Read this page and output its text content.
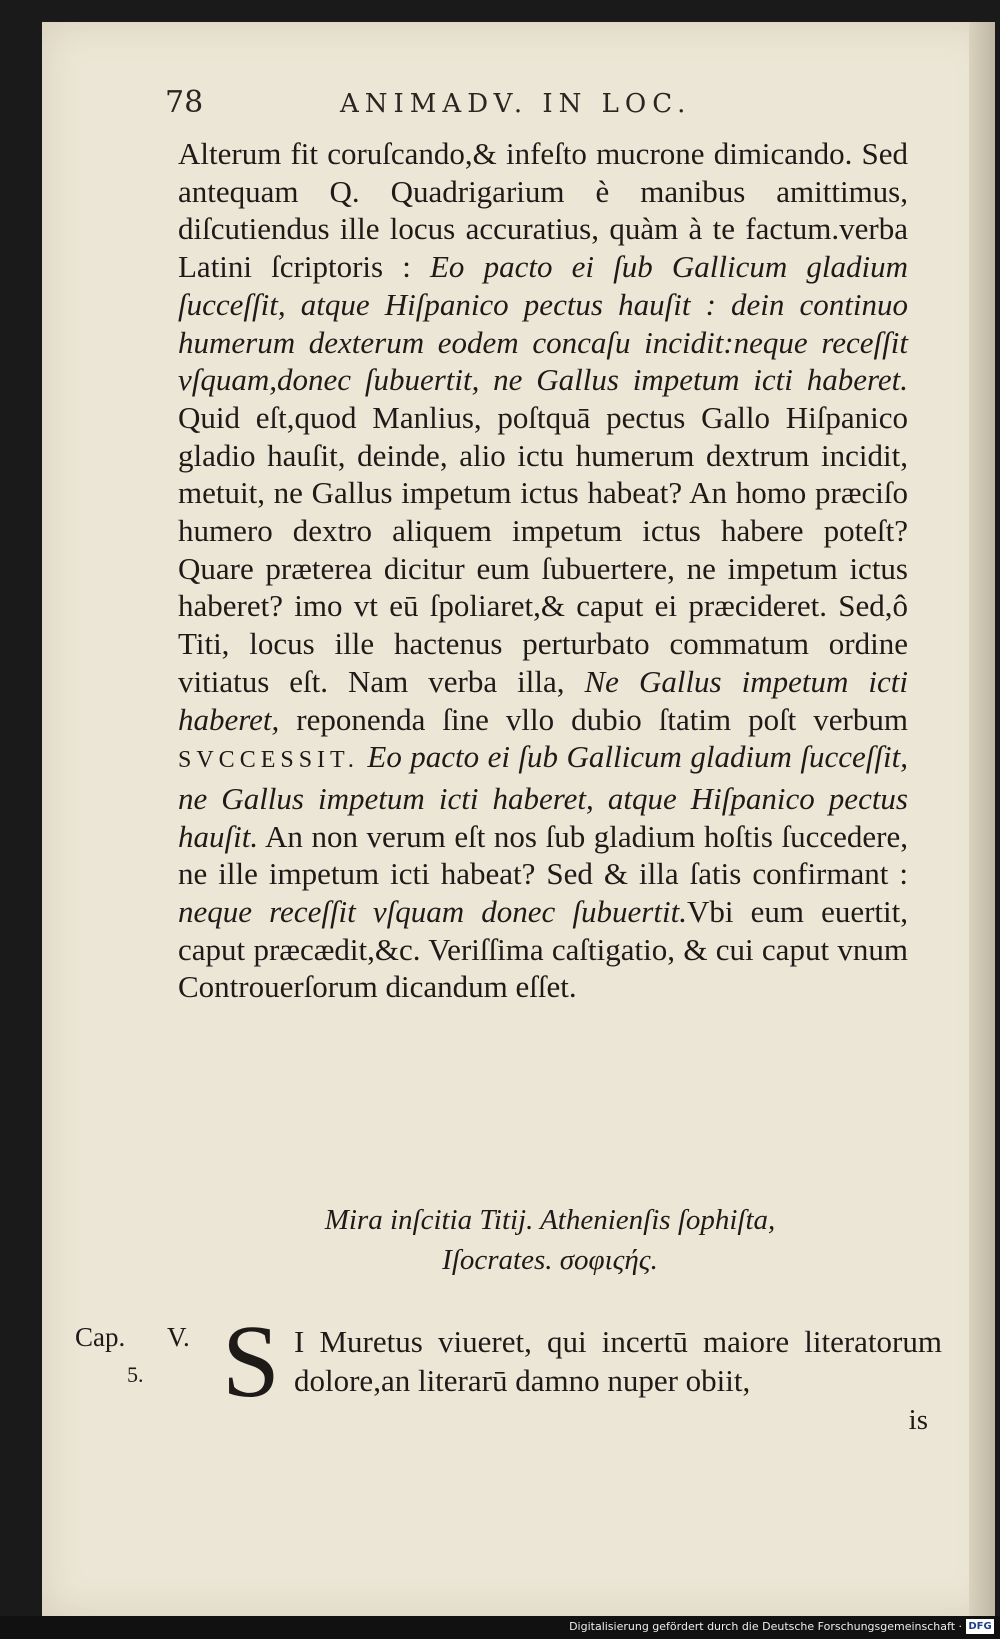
78	ANIMADV. IN LOC.

Alterum fit coruſcando,& infeſto mucrone dimicando. Sed antequam Q. Quadrigarium è manibus amittimus, diſcutiendus ille locus accuratius, quàm à te factum.verba Latini ſcriptoris : Eo pacto ei ſub Gallicum gladium ſucceſſit, atque Hiſpanico pectus hauſit : dein continuo humerum dexterum eodem concaſu incidit:neque receſſit vſquam,donec ſubuertit, ne Gallus impetum icti haberet. Quid eſt,quod Manlius, poſtquā pectus Gallo Hiſpanico gladio hauſit, deinde, alio ictu humerum dextrum incidit, metuit, ne Gallus impetum ictus habeat? An homo præciſo humero dextro aliquem impetum ictus habere poteſt? Quare præterea dicitur eum ſubuertere, ne impetum ictus haberet? imo vt eū ſpoliaret,& caput ei præcideret. Sed,ô Titi, locus ille hactenus perturbato commatum ordine vitiatus eſt. Nam verba illa, Ne Gallus impetum icti haberet, reponenda ſine vllo dubio ſtatim poſt verbum SVCCESSIT. Eo pacto ei ſub Gallicum gladium ſucceſſit, ne Gallus impetum icti haberet, atque Hiſpanico pectus hauſit. An non verum eſt nos ſub gladium hoſtis ſuccedere, ne ille impetum icti habeat? Sed & illa ſatis confirmant : neque receſſit vſquam donec ſubuertit.Vbi eum euertit, caput præcædit,&c. Veriſſima caſtigatio, & cui caput vnum Controuerſorum dicandum eſſet.

Mira inſcitia Titij. Athenienſis ſophiſta,
Iſocrates. σοφιςής.
Cap. V.
5. S I Muretus viueret, qui incertū maiore literatorum dolore,an literarū damno nuper obiit,
is
Digitalisierung gefördert durch die Deutsche Forschungsgemeinschaft · DFG
